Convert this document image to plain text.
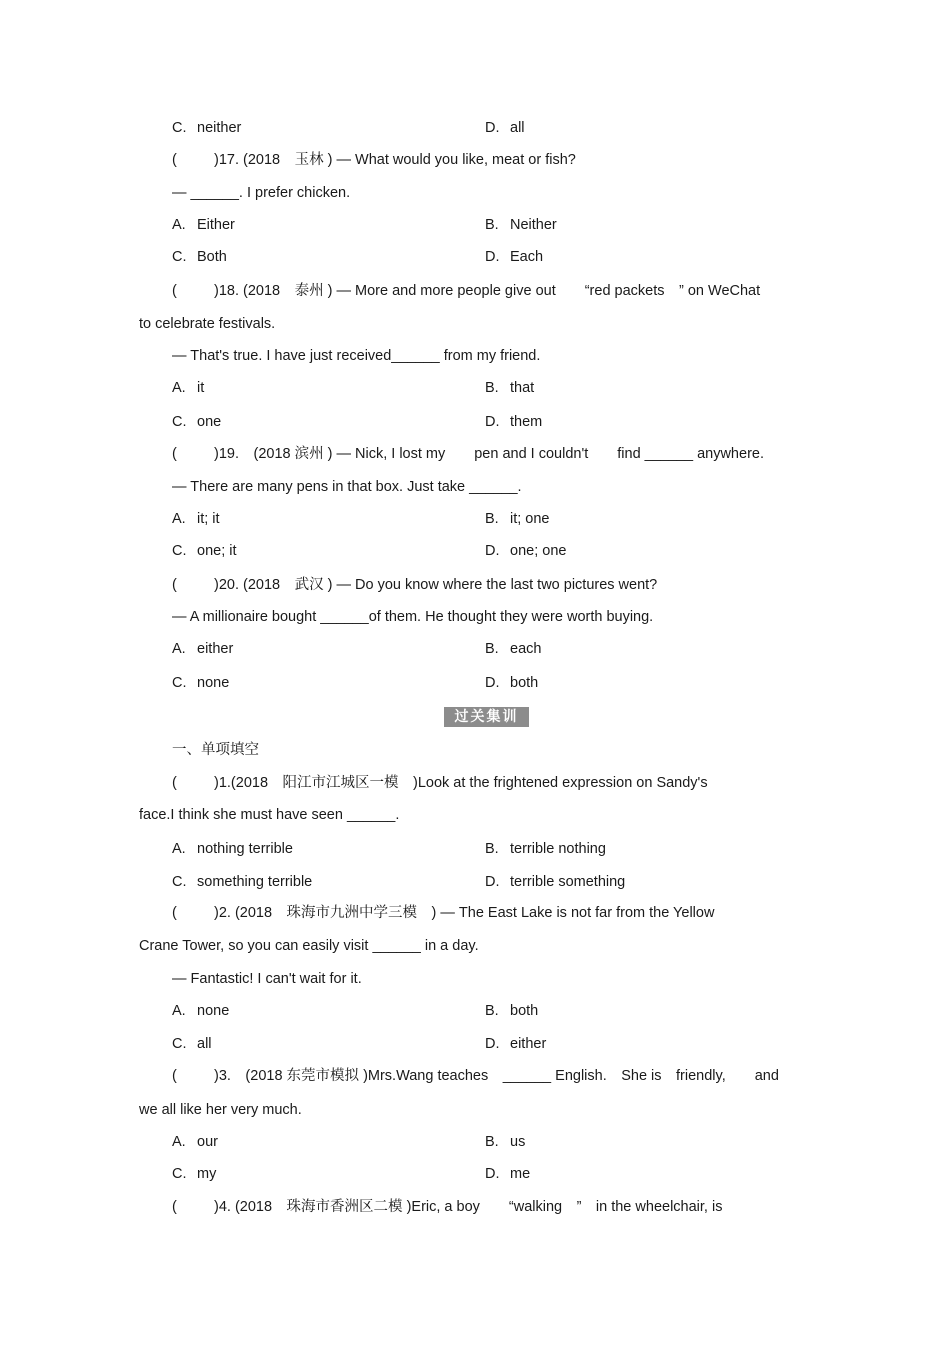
C. neither	D. all
(	)17. (2018　玉林 ) — What would you like, meat or fish?
— ______. I prefer chicken.
A. Either	B. Neither
C. Both	D. Each
(	)18. (2018　泰州 ) — More and more people give out　　“red packets　” on WeChat
to celebrate festivals.
— That's true. I have just received______ from my friend.
A. it	B. that
C. one	D. them
(	)19.　(2018 滨州 ) — Nick, I lost my　　pen and I couldn't　　find ______ anywhere.
— There are many pens in that box. Just take ______.
A. it; it	B. it; one
C. one; it	D. one; one
(	)20. (2018　武汉 ) — Do you know where the last two pictures went?
— A millionaire bought ______of them. He thought they were worth buying.
A. either	B. each
C. none	D. both
过关集训
一、单项填空
(	)1.(2018　阳江市江城区一模　)Look at the frightened expression on Sandy's
face.I think she must have seen ______.
A. nothing terrible	B. terrible nothing
C. something terrible	D. terrible something
(	)2. (2018　珠海市九洲中学三模　) — The East Lake is not far from the Yellow
Crane Tower, so you can easily visit ______ in a day.
— Fantastic! I can't wait for it.
A. none	B. both
C. all	D. either
(	)3.　(2018 东莞市模拟 )Mrs.Wang teaches　______ English.　She is　friendly,　　and
we all like her very much.
A. our	B. us
C. my	D. me
(	)4. (2018　珠海市香洲区二模 )Eric, a boy　　“walking　”　in the wheelchair, is
